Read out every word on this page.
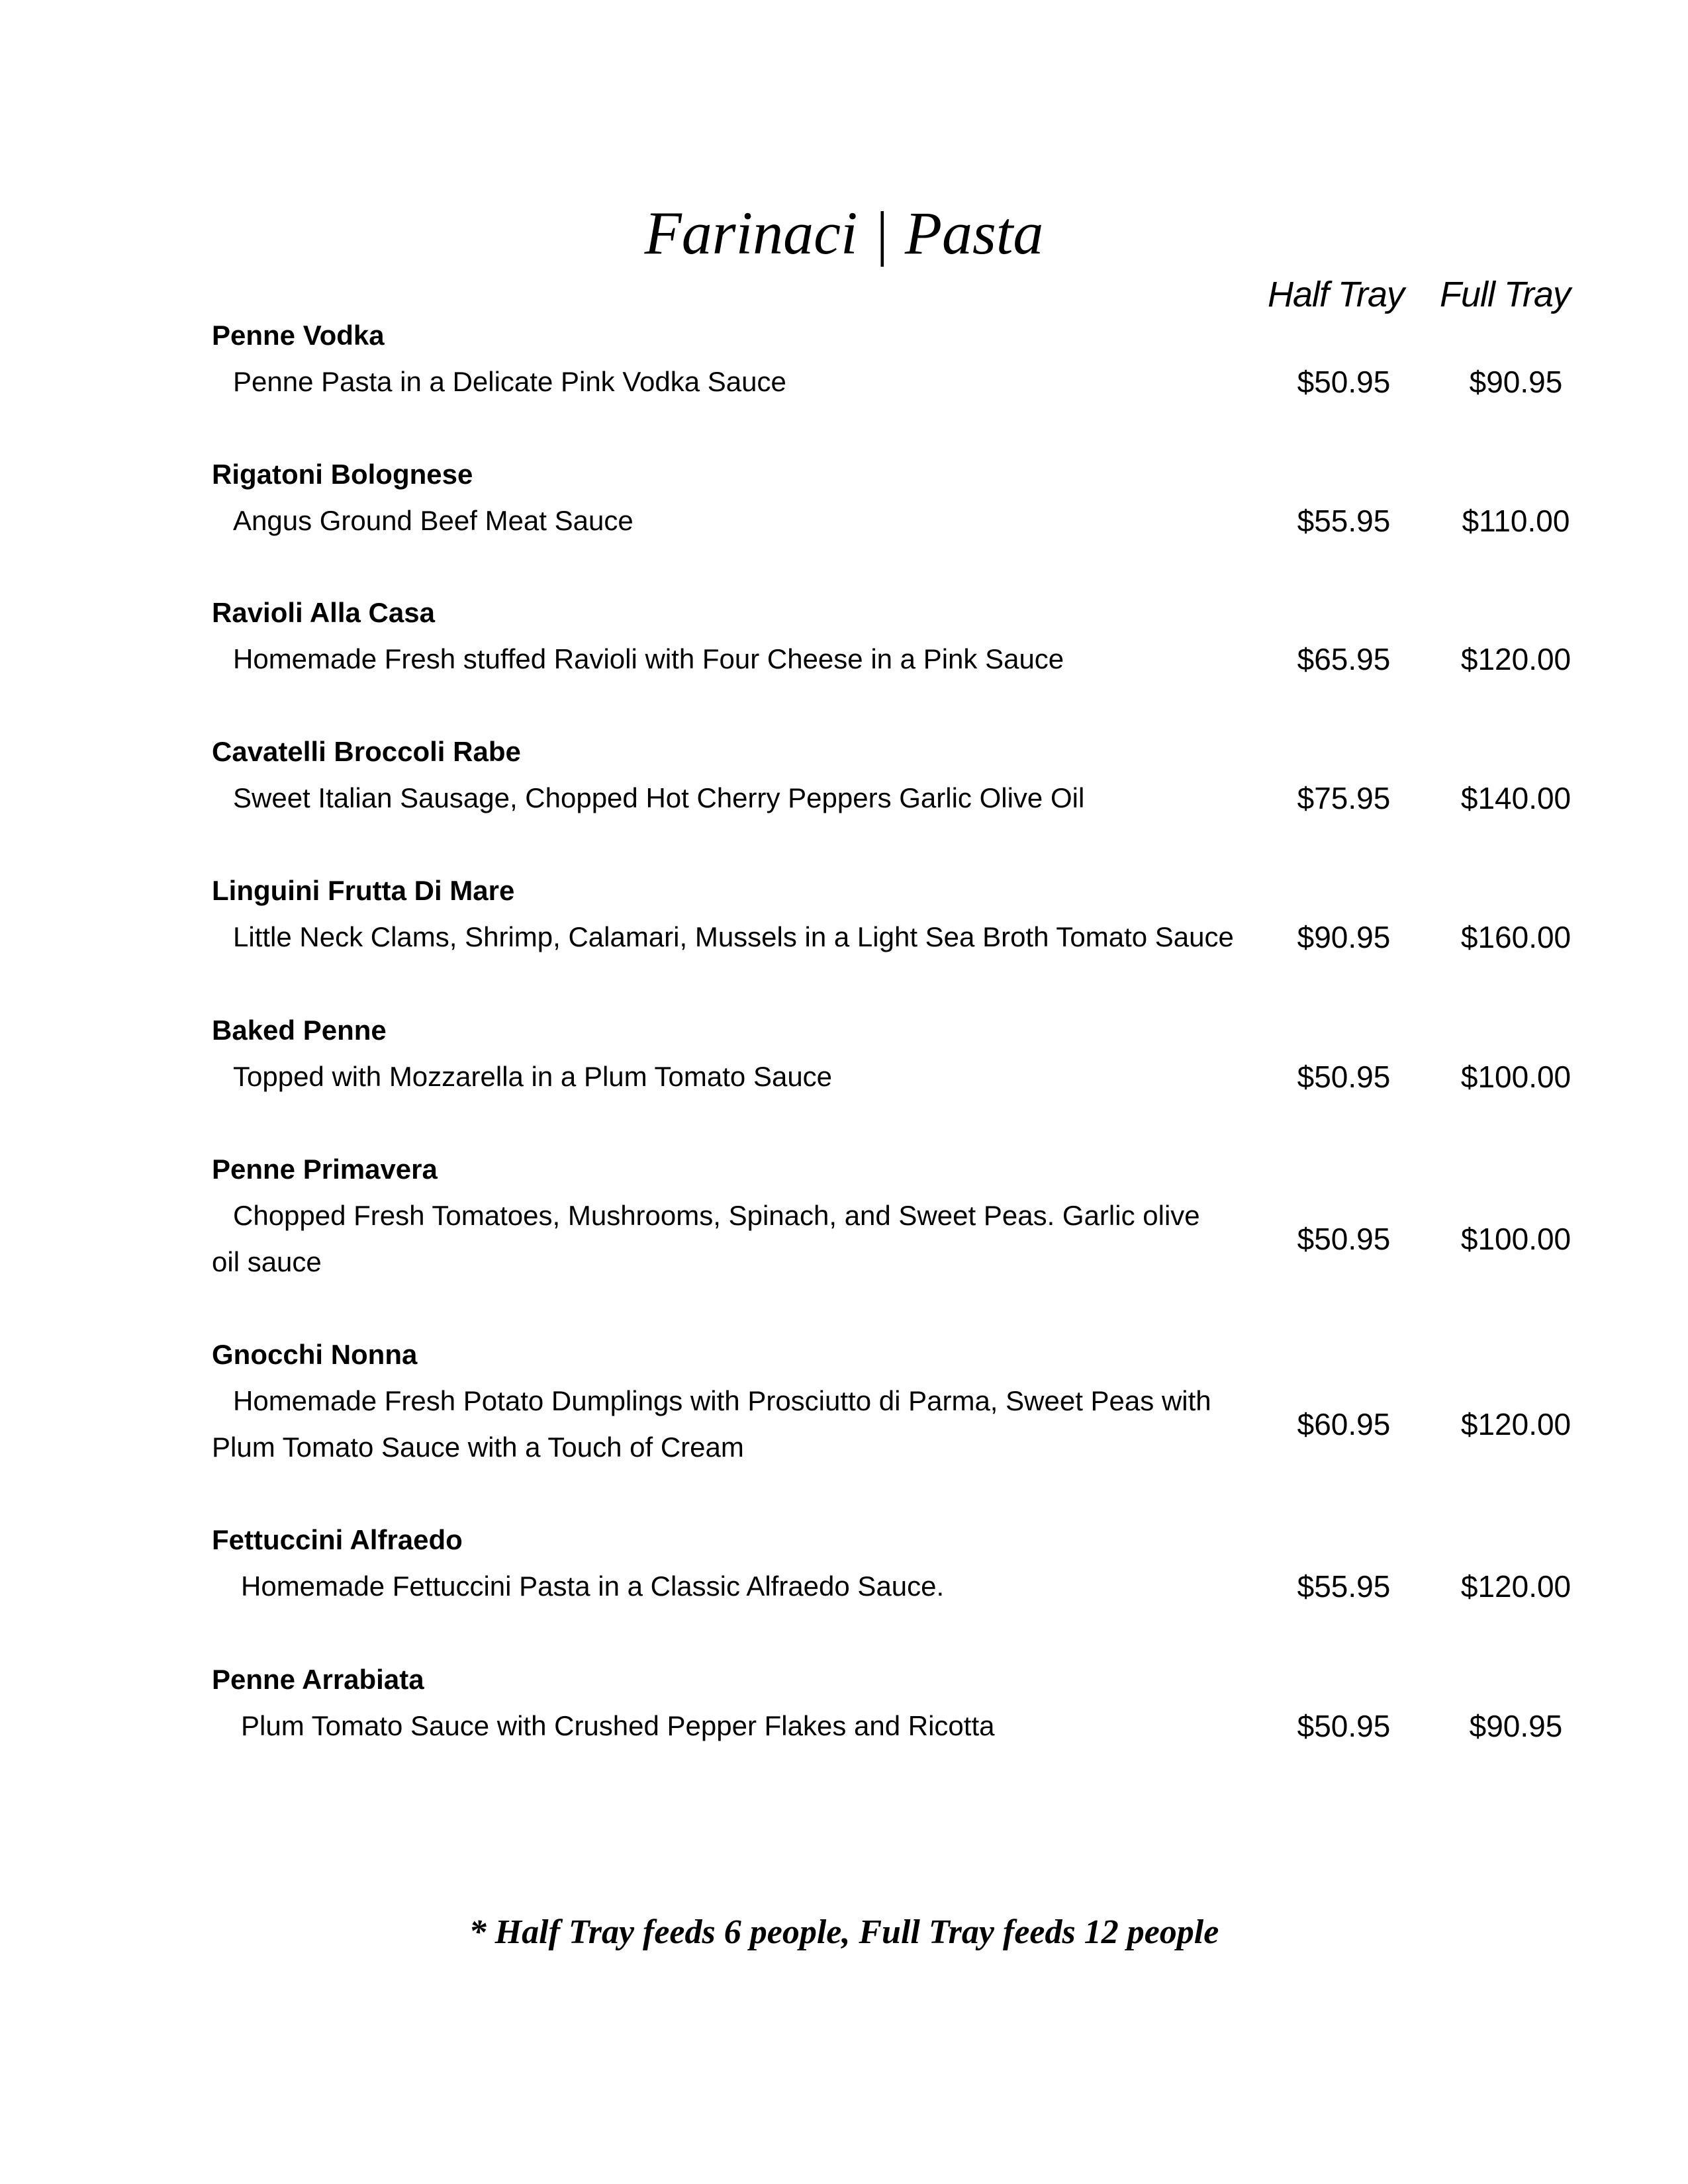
Farinaci | Pasta
Half Tray Full Tray
Penne Vodka
Penne Pasta in a Delicate Pink Vodka Sauce	$50.95	$90.95
Rigatoni Bolognese
Angus Ground Beef Meat Sauce	$55.95	$110.00
Ravioli Alla Casa
Homemade Fresh stuffed Ravioli with Four Cheese in a Pink Sauce	$65.95	$120.00
Cavatelli Broccoli Rabe
Sweet Italian Sausage, Chopped Hot Cherry Peppers Garlic Olive Oil	$75.95	$140.00
Linguini Frutta Di Mare
Little Neck Clams, Shrimp, Calamari, Mussels in a Light Sea Broth Tomato Sauce	$90.95	$160.00
Baked Penne
Topped with Mozzarella in a Plum Tomato Sauce	$50.95	$100.00
Penne Primavera
Chopped Fresh Tomatoes, Mushrooms, Spinach, and Sweet Peas. Garlic olive oil sauce
$50.95	$100.00
Gnocchi Nonna
Homemade Fresh Potato Dumplings with Prosciutto di Parma, Sweet Peas with Plum Tomato Sauce with a Touch of Cream
$60.95	$120.00
Fettuccini Alfraedo
Homemade Fettuccini Pasta in a Classic Alfraedo Sauce.	$55.95	$120.00
Penne Arrabiata
Plum Tomato Sauce with Crushed Pepper Flakes and Ricotta	$50.95	$90.95
* Half Tray feeds 6 people, Full Tray feeds 12 people
